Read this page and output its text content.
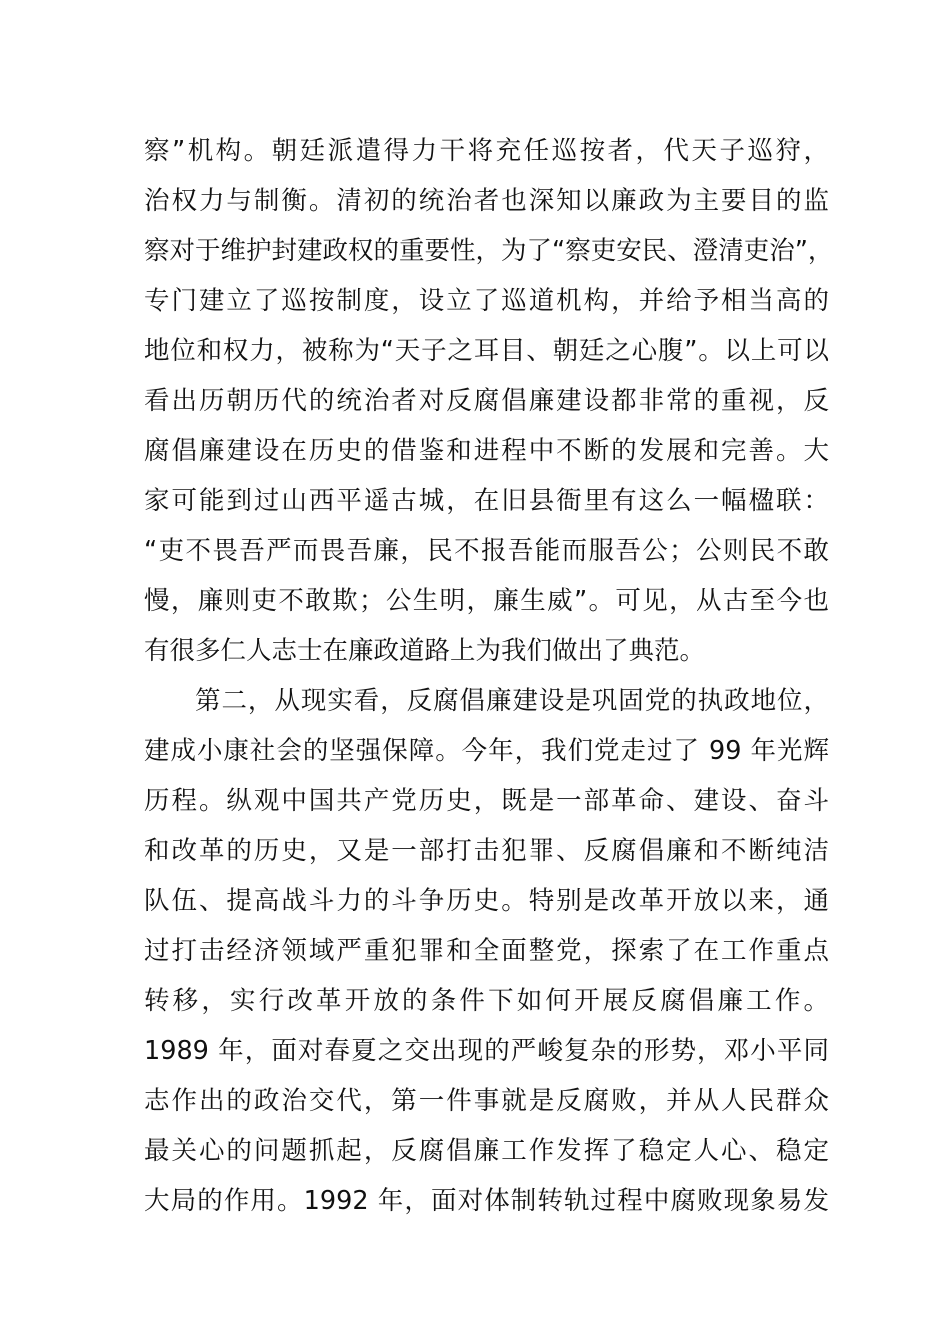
察”机构。朝廷派遣得力干将充任巡按者，代天子巡狩，
治权力与制衡。清初的统治者也深知以廉政为主要目的监
察对于维护封建政权的重要性，为了“察吏安民、澄清吏治”，
专门建立了巡按制度，设立了巡道机构，并给予相当高的
地位和权力，被称为“天子之耳目、朝廷之心腹”。以上可以
看出历朝历代的统治者对反腐倡廉建设都非常的重视，反
腐倡廉建设在历史的借鉴和进程中不断的发展和完善。大
家可能到过山西平遥古城，在旧县衙里有这么一幅楹联：
“吏不畏吾严而畏吾廉，民不报吾能而服吾公；公则民不敢
慢，廉则吏不敢欺；公生明，廉生威”。可见，从古至今也
有很多仁人志士在廉政道路上为我们做出了典范。
第二，从现实看，反腐倡廉建设是巩固党的执政地位，
建成小康社会的坚强保障。今年，我们党走过了 99 年光辉
历程。纵观中国共产党历史，既是一部革命、建设、奋斗
和改革的历史，又是一部打击犯罪、反腐倡廉和不断纯洁
队伍、提高战斗力的斗争历史。特别是改革开放以来，通
过打击经济领域严重犯罪和全面整党，探索了在工作重点
转移，实行改革开放的条件下如何开展反腐倡廉工作。
1989 年，面对春夏之交出现的严峻复杂的形势，邓小平同
志作出的政治交代，第一件事就是反腐败，并从人民群众
最关心的问题抓起，反腐倡廉工作发挥了稳定人心、稳定
大局的作用。1992 年，面对体制转轨过程中腐败现象易发
